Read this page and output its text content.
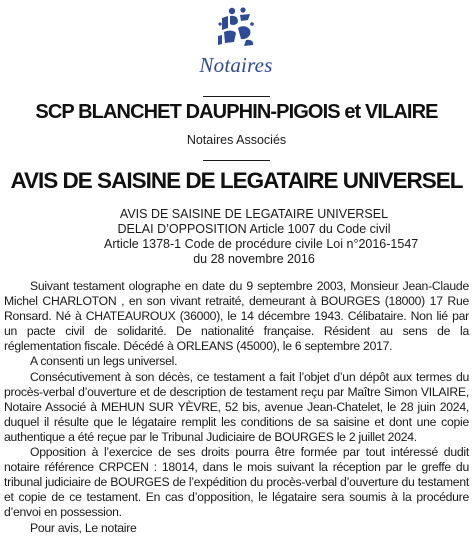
Notaires
SCP BLANCHET DAUPHIN-PIGOIS et VILAIRE
Notaires Associés
AVIS DE SAISINE DE LEGATAIRE UNIVERSEL
AVIS DE SAISINE DE LEGATAIRE UNIVERSEL
DELAI D’OPPOSITION Article 1007 du Code civil
Article 1378-1 Code de procédure civile Loi n°2016-1547
du 28 novembre 2016

Suivant testament olographe en date du 9 septembre 2003, Monsieur Jean-Claude Michel CHARLOTON , en son vivant retraité, demeurant à BOURGES (18000) 17 Rue Ronsard. Né à CHATEAUROUX (36000), le 14 décembre 1943. Célibataire. Non lié par un pacte civil de solidarité. De nationalité française. Résident au sens de la réglementation fiscale. Décédé à ORLEANS (45000), le 6 septembre 2017.

A consenti un legs universel.

Consécutivement à son décès, ce testament a fait l’objet d’un dépôt aux termes du procès-verbal d’ouverture et de description de testament reçu par Maître Simon VILAIRE, Notaire Associé à MEHUN SUR YÈVRE, 52 bis, avenue Jean-Chatelet, le 28 juin 2024, duquel il résulte que le légataire remplit les conditions de sa saisine et dont une copie authentique a été reçue par le Tribunal Judiciaire de BOURGES le 2 juillet 2024.

Opposition à l’exercice de ses droits pourra être formée par tout intéressé dudit notaire référence CRPCEN : 18014, dans le mois suivant la réception par le greffe du tribunal judiciaire de BOURGES de l’expédition du procès-verbal d’ouverture du testament et copie de ce testament. En cas d’opposition, le légataire sera soumis à la procédure d’envoi en possession.

Pour avis, Le notaire
